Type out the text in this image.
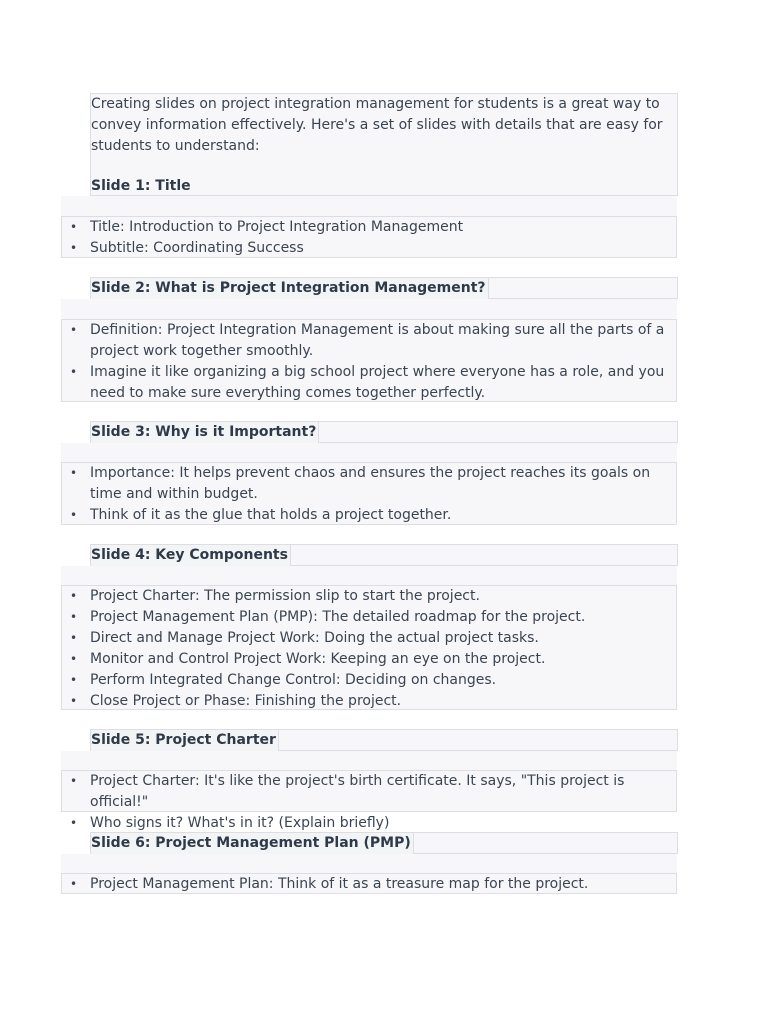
Creating slides on project integration management for students is a great way to convey information effectively. Here's a set of slides with details that are easy for students to understand:
Slide 1: Title
• Title: Introduction to Project Integration Management
• Subtitle: Coordinating Success
Slide 2: What is Project Integration Management?
• Definition: Project Integration Management is about making sure all the parts of a project work together smoothly.
• Imagine it like organizing a big school project where everyone has a role, and you need to make sure everything comes together perfectly.
Slide 3: Why is it Important?
• Importance: It helps prevent chaos and ensures the project reaches its goals on time and within budget.
• Think of it as the glue that holds a project together.
Slide 4: Key Components
• Project Charter: The permission slip to start the project.
• Project Management Plan (PMP): The detailed roadmap for the project.
• Direct and Manage Project Work: Doing the actual project tasks.
• Monitor and Control Project Work: Keeping an eye on the project.
• Perform Integrated Change Control: Deciding on changes.
• Close Project or Phase: Finishing the project.
Slide 5: Project Charter
• Project Charter: It's like the project's birth certificate. It says, "This project is official!"
• Who signs it? What's in it? (Explain briefly)
Slide 6: Project Management Plan (PMP)
• Project Management Plan: Think of it as a treasure map for the project.
